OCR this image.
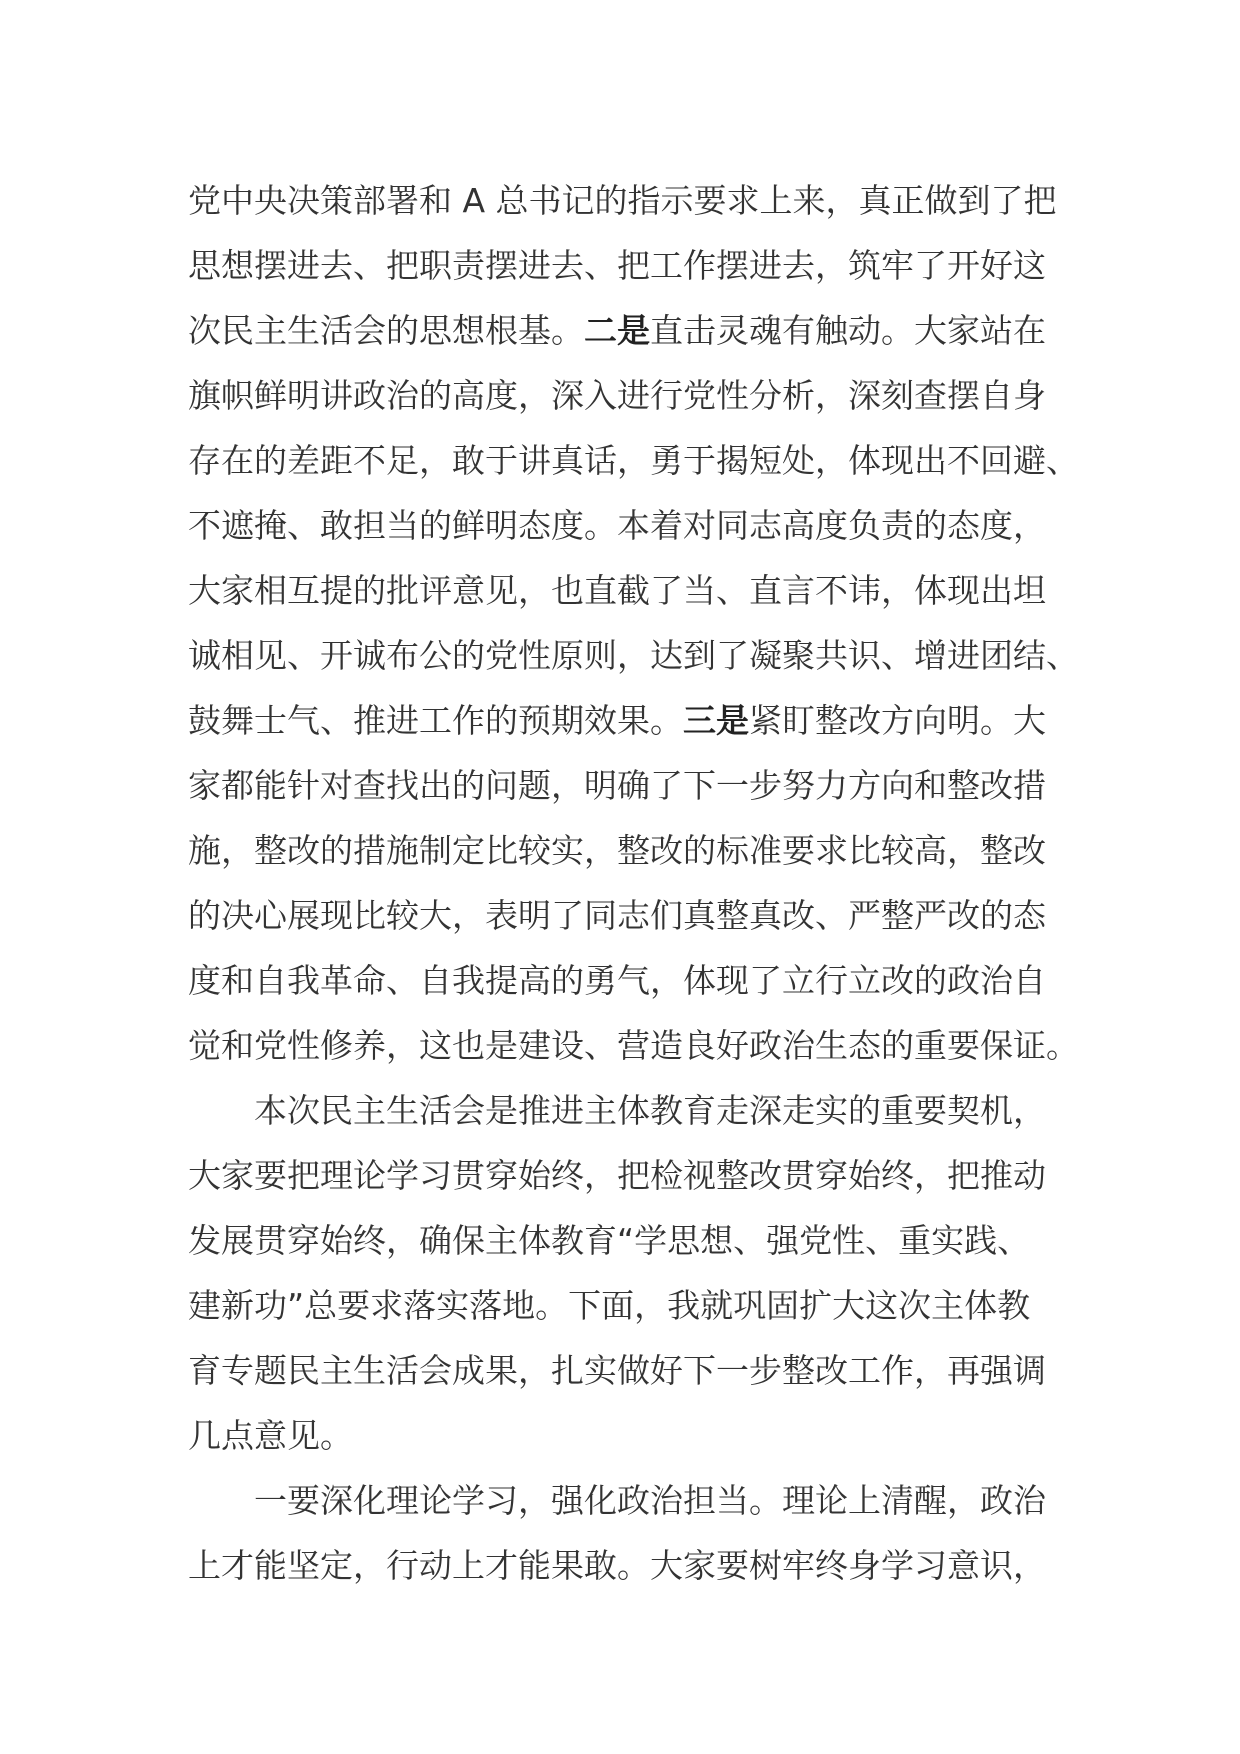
党中央决策部署和 A 总书记的指示要求上来，真正做到了把
思想摆进去、把职责摆进去、把工作摆进去，筑牢了开好这
次民主生活会的思想根基。二是直击灵魂有触动。大家站在
旗帜鲜明讲政治的高度，深入进行党性分析，深刻查摆自身
存在的差距不足，敢于讲真话，勇于揭短处，体现出不回避、
不遮掩、敢担当的鲜明态度。本着对同志高度负责的态度，
大家相互提的批评意见，也直截了当、直言不讳，体现出坦
诚相见、开诚布公的党性原则，达到了凝聚共识、增进团结、
鼓舞士气、推进工作的预期效果。三是紧盯整改方向明。大
家都能针对查找出的问题，明确了下一步努力方向和整改措
施，整改的措施制定比较实，整改的标准要求比较高，整改
的决心展现比较大，表明了同志们真整真改、严整严改的态
度和自我革命、自我提高的勇气，体现了立行立改的政治自
觉和党性修养，这也是建设、营造良好政治生态的重要保证。
本次民主生活会是推进主体教育走深走实的重要契机，
大家要把理论学习贯穿始终，把检视整改贯穿始终，把推动
发展贯穿始终，确保主体教育“学思想、强党性、重实践、
建新功”总要求落实落地。下面，我就巩固扩大这次主体教
育专题民主生活会成果，扎实做好下一步整改工作，再强调
几点意见。
一要深化理论学习，强化政治担当。理论上清醒，政治
上才能坚定，行动上才能果敢。大家要树牢终身学习意识，
